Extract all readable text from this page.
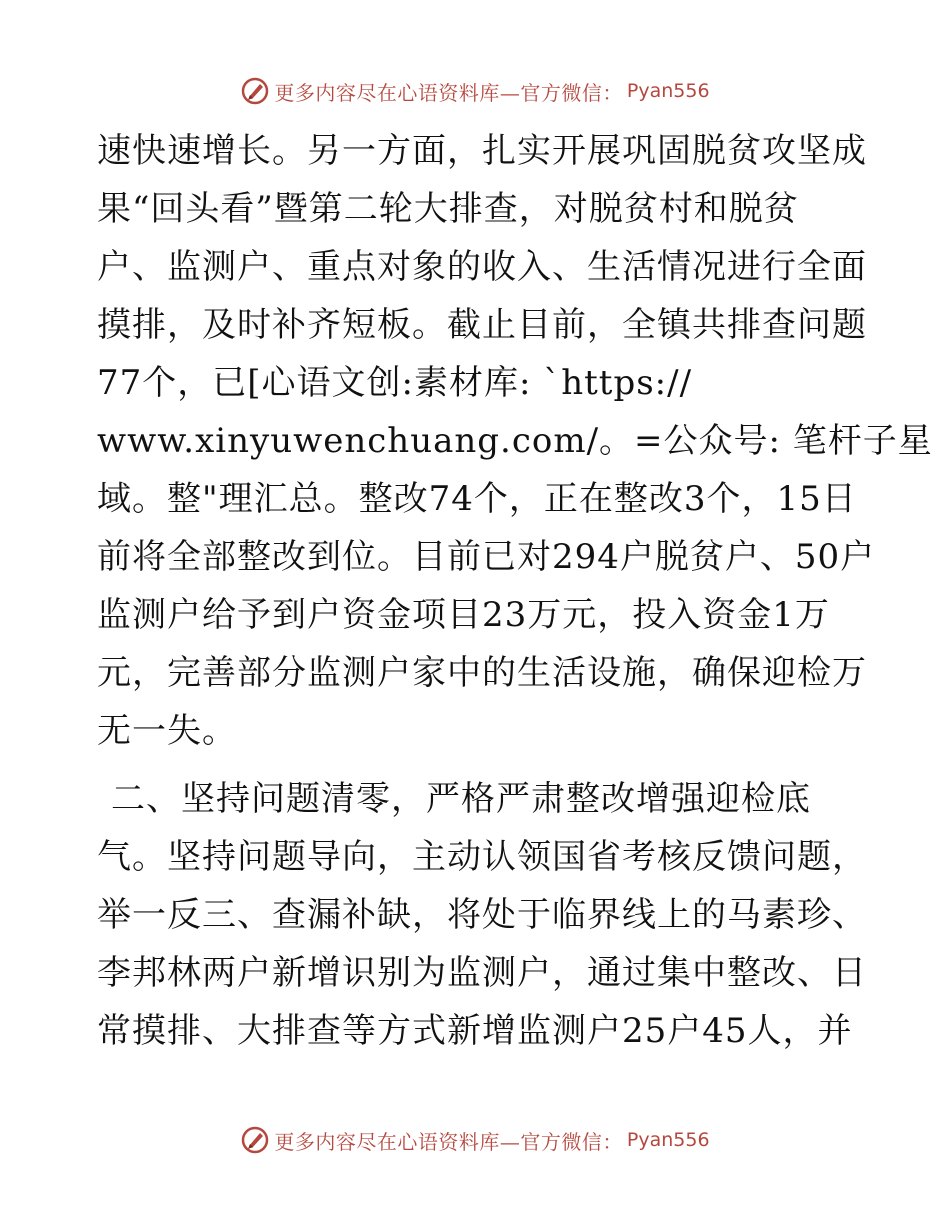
更多内容尽在心语资料库—官方微信： Pyan556
速快速增长。另一方面，扎实开展巩固脱贫攻坚成
果“回头看”暨第二轮大排查，对脱贫村和脱贫
户、监测户、重点对象的收入、生活情况进行全面
摸排，及时补齐短板。截止目前，全镇共排查问题
77个，已[心语文创:素材库: `https://
www.xinyuwenchuang.com/。=公众号: 笔杆子星
域。整"理汇总。整改74个，正在整改3个，15日
前将全部整改到位。目前已对294户脱贫户、50户
监测户给予到户资金项目23万元，投入资金1万
元，完善部分监测户家中的生活设施，确保迎检万
无一失。
二、坚持问题清零，严格严肃整改增强迎检底
气。坚持问题导向，主动认领国省考核反馈问题，
举一反三、查漏补缺，将处于临界线上的马素珍、
李邦林两户新增识别为监测户，通过集中整改、日
常摸排、大排查等方式新增监测户25户45人，并
更多内容尽在心语资料库—官方微信： Pyan556
